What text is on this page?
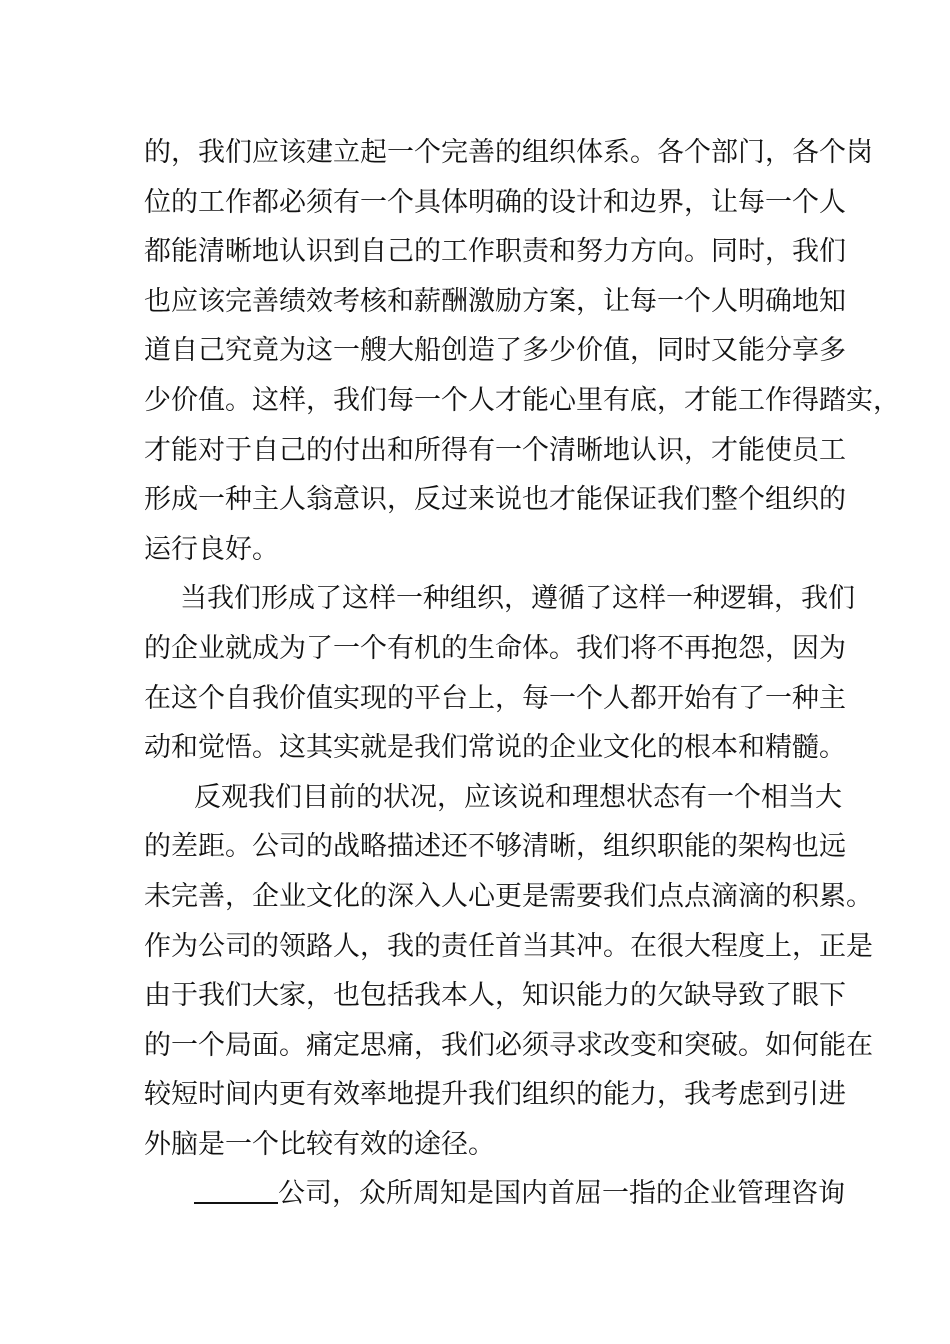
的，我们应该建立起一个完善的组织体系。各个部门，各个岗
位的工作都必须有一个具体明确的设计和边界，让每一个人
都能清晰地认识到自己的工作职责和努力方向。同时，我们
也应该完善绩效考核和薪酬激励方案，让每一个人明确地知
道自己究竟为这一艘大船创造了多少价值，同时又能分享多
少价值。这样，我们每一个人才能心里有底，才能工作得踏实，
才能对于自己的付出和所得有一个清晰地认识，才能使员工
形成一种主人翁意识，反过来说也才能保证我们整个组织的
运行良好。
当我们形成了这样一种组织，遵循了这样一种逻辑，我们
的企业就成为了一个有机的生命体。我们将不再抱怨，因为
在这个自我价值实现的平台上，每一个人都开始有了一种主
动和觉悟。这其实就是我们常说的企业文化的根本和精髓。
反观我们目前的状况，应该说和理想状态有一个相当大
的差距。公司的战略描述还不够清晰，组织职能的架构也远
未完善，企业文化的深入人心更是需要我们点点滴滴的积累。
作为公司的领路人，我的责任首当其冲。在很大程度上，正是
由于我们大家，也包括我本人，知识能力的欠缺导致了眼下
的一个局面。痛定思痛，我们必须寻求改变和突破。如何能在
较短时间内更有效率地提升我们组织的能力，我考虑到引进
外脑是一个比较有效的途径。
公司，众所周知是国内首屈一指的企业管理咨询
